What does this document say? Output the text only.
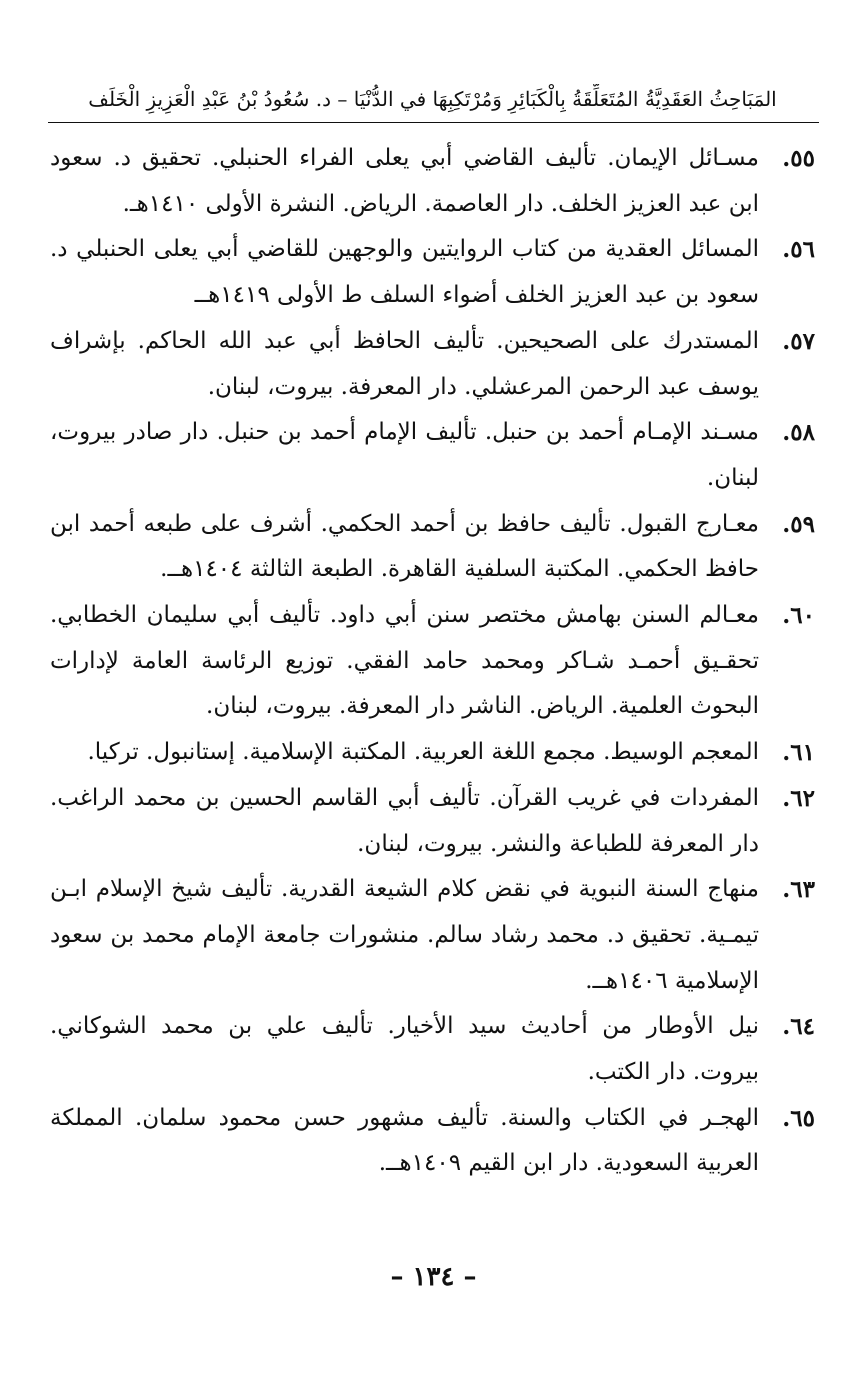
المَبَاحِثُ العَقَدِيَّةُ المُتَعَلِّقَةُ بِالْكَبَائِرِ وَمُرْتَكِبِهَا في الدُّنْيَا – د. سُعُودُ بْنُ عَبْدِ الْعَزِيزِ الْخَلَف
٥٥.
مسـائل الإيمان. تأليف القاضي أبي يعلى الفراء الحنبلي. تحقيق د. سعود ابن عبد العزيز الخلف. دار العاصمة. الرياض. النشرة الأولى ١٤١٠هـ.
٥٦.
المسائل العقدية من كتاب الروايتين والوجهين للقاضي أبي يعلى الحنبلي د. سعود بن عبد العزيز الخلف أضواء السلف ط الأولى ١٤١٩هــ
٥٧.
المستدرك على الصحيحين. تأليف الحافظ أبي عبد الله الحاكم. بإشراف يوسف عبد الرحمن المرعشلي. دار المعرفة. بيروت، لبنان.
٥٨.
مسـند الإمـام أحمد بن حنبل. تأليف الإمام أحمد بن حنبل. دار صادر بيروت، لبنان.
٥٩.
معـارج القبول. تأليف حافظ بن أحمد الحكمي. أشرف على طبعه أحمد ابن حافظ الحكمي. المكتبة السلفية القاهرة. الطبعة الثالثة ١٤٠٤هــ.
٦٠.
معـالم السنن بهامش مختصر سنن أبي داود. تأليف أبي سليمان الخطابي. تحقـيق أحمـد شـاكر ومحمد حامد الفقي. توزيع الرئاسة العامة لإدارات البحوث العلمية. الرياض. الناشر دار المعرفة. بيروت، لبنان.
٦١.
المعجم الوسيط. مجمع اللغة العربية. المكتبة الإسلامية. إستانبول. تركيا.
٦٢.
المفردات في غريب القرآن. تأليف أبي القاسم الحسين بن محمد الراغب. دار المعرفة للطباعة والنشر. بيروت، لبنان.
٦٣.
منهاج السنة النبوية في نقض كلام الشيعة القدرية. تأليف شيخ الإسلام ابـن تيمـية. تحقيق د. محمد رشاد سالم. منشورات جامعة الإمام محمد بن سعود الإسلامية ١٤٠٦هــ.
٦٤.
نيل الأوطار من أحاديث سيد الأخيار. تأليف علي بن محمد الشوكاني. بيروت. دار الكتب.
٦٥.
الهجـر في الكتاب والسنة. تأليف مشهور حسن محمود سلمان. المملكة العربية السعودية. دار ابن القيم ١٤٠٩هــ.
– ١٣٤ –
